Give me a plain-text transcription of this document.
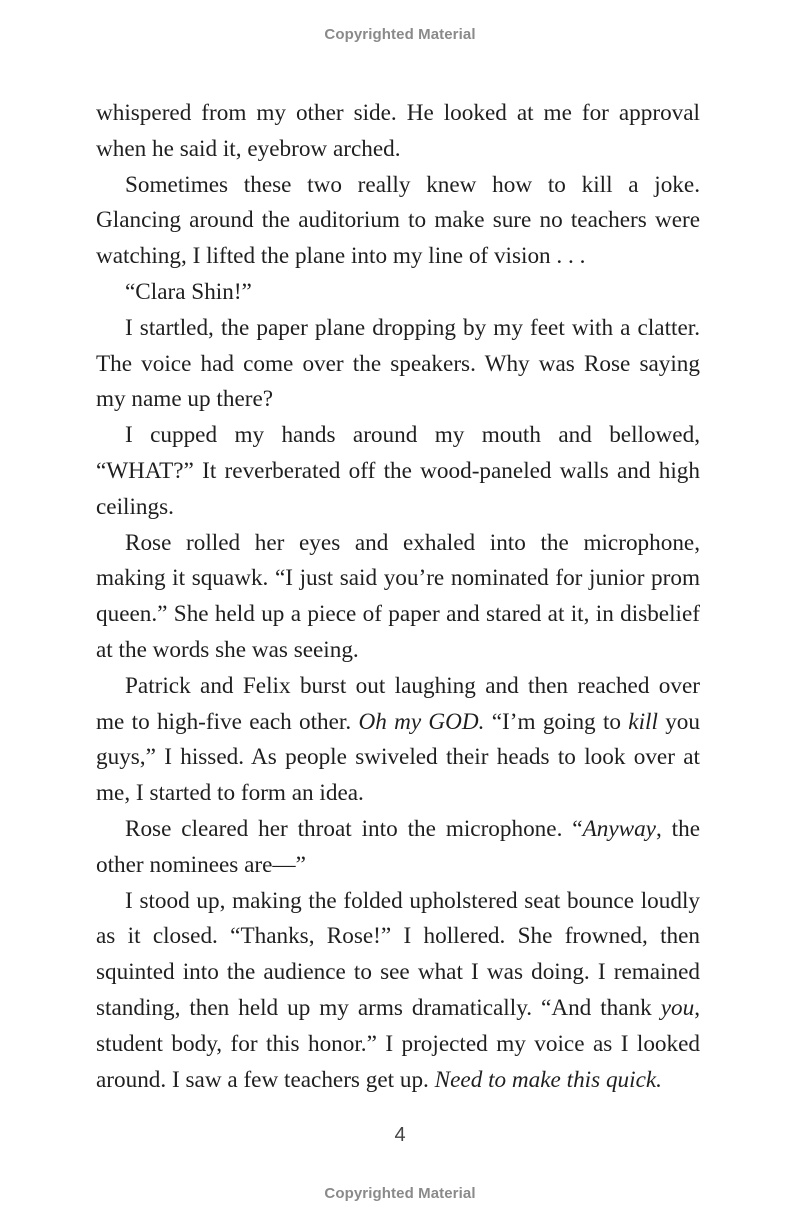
Copyrighted Material

whispered from my other side. He looked at me for approval when he said it, eyebrow arched.

Sometimes these two really knew how to kill a joke. Glancing around the auditorium to make sure no teachers were watching, I lifted the plane into my line of vision . . .

“Clara Shin!”

I startled, the paper plane dropping by my feet with a clatter. The voice had come over the speakers. Why was Rose saying my name up there?

I cupped my hands around my mouth and bellowed, “WHAT?” It reverberated off the wood-paneled walls and high ceilings.

Rose rolled her eyes and exhaled into the microphone, making it squawk. “I just said you’re nominated for junior prom queen.” She held up a piece of paper and stared at it, in disbelief at the words she was seeing.

Patrick and Felix burst out laughing and then reached over me to high-five each other. Oh my GOD. “I’m going to kill you guys,” I hissed. As people swiveled their heads to look over at me, I started to form an idea.

Rose cleared her throat into the microphone. “Anyway, the other nominees are—”

I stood up, making the folded upholstered seat bounce loudly as it closed. “Thanks, Rose!” I hollered. She frowned, then squinted into the audience to see what I was doing. I remained standing, then held up my arms dramatically. “And thank you, student body, for this honor.” I projected my voice as I looked around. I saw a few teachers get up. Need to make this quick.

4
Copyrighted Material
